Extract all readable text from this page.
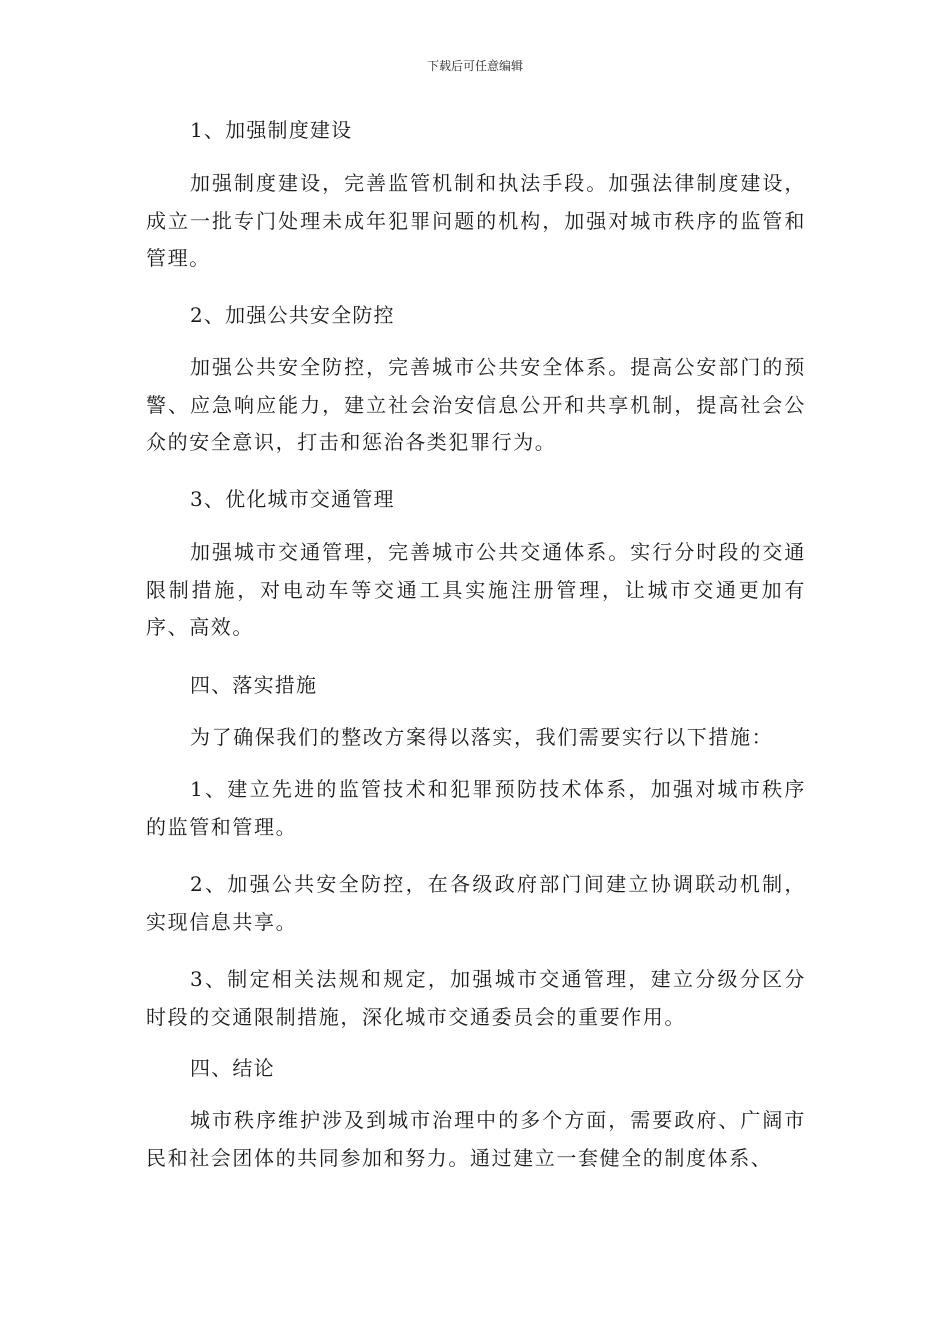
下载后可任意编辑
1、加强制度建设

加强制度建设，完善监管机制和执法手段。加强法律制度建设，成立一批专门处理未成年犯罪问题的机构，加强对城市秩序的监管和管理。

2、加强公共安全防控

加强公共安全防控，完善城市公共安全体系。提高公安部门的预警、应急响应能力，建立社会治安信息公开和共享机制，提高社会公众的安全意识，打击和惩治各类犯罪行为。

3、优化城市交通管理

加强城市交通管理，完善城市公共交通体系。实行分时段的交通限制措施，对电动车等交通工具实施注册管理，让城市交通更加有序、高效。

四、落实措施

为了确保我们的整改方案得以落实，我们需要实行以下措施：

1、建立先进的监管技术和犯罪预防技术体系，加强对城市秩序的监管和管理。

2、加强公共安全防控，在各级政府部门间建立协调联动机制，实现信息共享。

3、制定相关法规和规定，加强城市交通管理，建立分级分区分时段的交通限制措施，深化城市交通委员会的重要作用。

四、结论

城市秩序维护涉及到城市治理中的多个方面，需要政府、广阔市民和社会团体的共同参加和努力。通过建立一套健全的制度体系、
